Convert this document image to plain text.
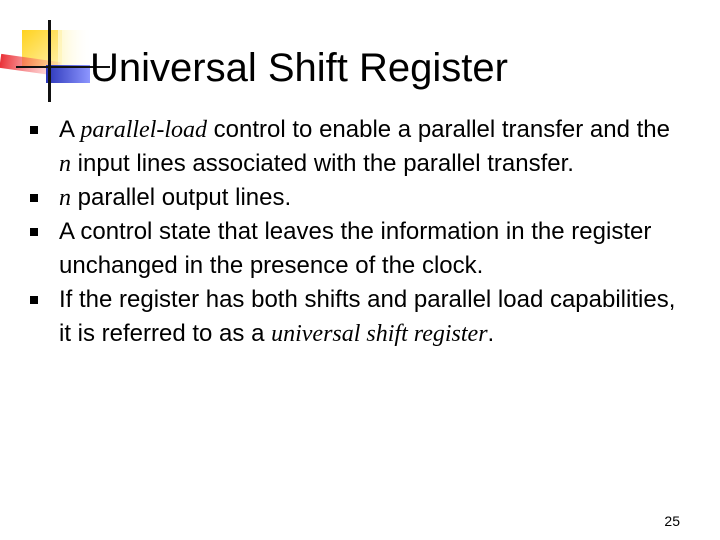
Universal Shift Register
A parallel-load control to enable a parallel transfer and the n input lines associated with the parallel transfer.
n parallel output lines.
A control state that leaves the information in the register unchanged in the presence of the clock.
If the register has both shifts and parallel load capabilities, it is referred to as a universal shift register.
25
